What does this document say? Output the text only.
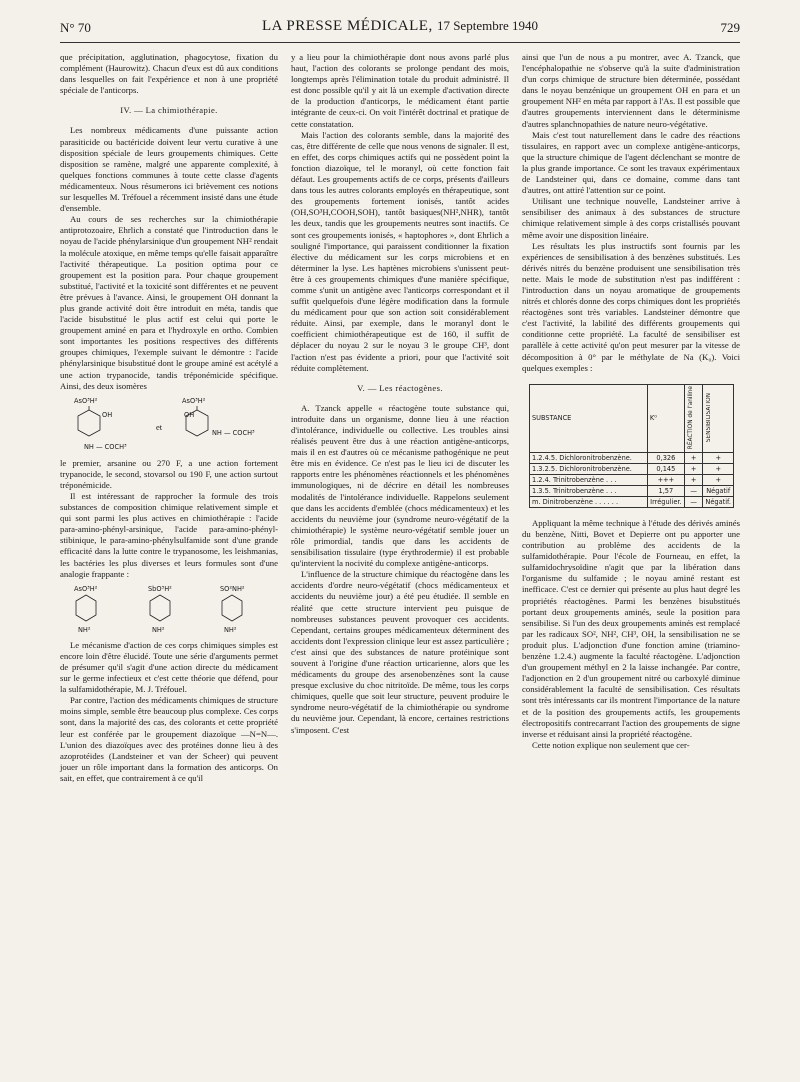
N° 70	LA PRESSE MÉDICALE, 17 Septembre 1940	729

que précipitation, agglutination, phagocytose, fixation du complément (Haurowitz). Chacun d'eux est dû aux conditions dans lesquelles on fait l'expérience et non à une propriété spéciale de l'anticorps.

IV. — La chimiothérapie.

Les nombreux médicaments d'une puissante action parasiticide ou bactéricide doivent leur vertu curative à une disposition spéciale de leurs groupements chimiques. Cette disposition se ramène, malgré une apparente complexité, à quelques fonctions communes à toute cette classe d'agents médicamenteux. Nous résumerons ici brièvement ces notions sur lesquelles M. Tréfouel a récemment insisté dans une étude d'ensemble.

Au cours de ses recherches sur la chimiothérapie antiprotozoaire, Ehrlich a constaté que l'introduction dans le noyau de l'acide phénylarsinique d'un groupement NH² rendait la molécule atoxique, en même temps qu'elle faisait apparaître l'activité thérapeutique. La position optima pour ce groupement est la position para. Pour chaque groupement substitué, l'activité et la toxicité sont différentes et ne peuvent être prévues à l'avance. Ainsi, le groupement OH donnant la plus grande activité doit être introduit en méta, tandis que l'acide bisubstitué le plus actif est celui qui porte le groupement aminé en para et l'hydroxyle en ortho. Combien sont importantes les positions respectives des différents groupes chimiques, l'exemple suivant le démontre : l'acide phénylarsinique bisubstitué dont le groupe aminé est acétylé a une action trypanocide, tandis tréponémicide spécifique. Ainsi, des deux isomères

AsO³H²
OH
NH — COCH³
et
AsO³H²
OH
NH — COCH³

le premier, arsanine ou 270 F, a une action fortement trypanocide, le second, stovarsol ou 190 F, une action surtout tréponémicide.

Il est intéressant de rapprocher la formule des trois substances de composition chimique relativement simple et qui sont parmi les plus actives en chimiothérapie : l'acide para-amino-phényl-arsinique, l'acide para-amino-phényl-stibinique, le para-amino-phénylsulfamide sont d'une grande efficacité dans la lutte contre le trypanosome, les leishmanias, les bactéries les plus diverses et leurs formules sont d'une analogie frappante :

AsO³H²
NH²
SbO³H²
NH²
SO²NH²
NH²

Le mécanisme d'action de ces corps chimiques simples est encore loin d'être élucidé. Toute une série d'arguments permet de présumer qu'il s'agit d'une action directe du médicament sur le germe infectieux et c'est cette théorie que défend, pour la sulfamidothérapie, M. J. Tréfouel.

Par contre, l'action des médicaments chimiques de structure moins simple, semble être beaucoup plus complexe. Ces corps sont, dans la majorité des cas, des colorants et cette propriété leur est conférée par le groupement diazoïque —N=N—. L'union des diazoïques avec des protéines donne lieu à des azoprotéides (Landsteiner et van der Scheer) qui peuvent jouer un rôle important dans la formation des anticorps. On sait, en effet, que contrairement à ce qu'il

y a lieu pour la chimiothérapie dont nous avons parlé plus haut, l'action des colorants se prolonge pendant des mois, longtemps après l'élimination totale du produit administré. Il est donc possible qu'il y ait là un exemple d'activation directe de la production d'anticorps, le médicament étant partie intégrante de ceux-ci. On voit l'intérêt doctrinal et pratique de cette constatation.

Mais l'action des colorants semble, dans la majorité des cas, être différente de celle que nous venons de signaler. Il est, en effet, des corps chimiques actifs qui ne possèdent point la fonction diazoïque, tel le moranyl, où cette fonction fait défaut. Les groupements actifs de ce corps, présents d'ailleurs dans tous les autres colorants employés en thérapeutique, sont des groupements fortement ionisés, tantôt acides (OH,SO³H,COOH,SOH), tantôt basiques(NH²,NHR), tantôt les deux, tandis que les groupements neutres sont inactifs. Ce sont ces groupements ionisés, « haptophores », dont Ehrlich a souligné l'importance, qui paraissent conditionner la fixation élective du médicament sur les corps microbiens et en déterminer la lyse. Les haptènes microbiens s'unissent peut-être à ces groupements chimiques d'une manière spécifique, comme s'unit un antigène avec l'anticorps correspondant et il suffit quelquefois d'une légère modification dans la formule du médicament pour que son action soit considérablement réduite. Ainsi, par exemple, dans le moranyl dont le coefficient chimiothérapeutique est de 160, il suffit de déplacer du noyau 2 sur le noyau 3 le groupe CH³, dont l'action n'est pas évidente a priori, pour que l'activité soit réduite complètement.

V. — Les réactogènes.

A. Tzanck appelle « réactogène toute substance qui, introduite dans un organisme, donne lieu à une réaction d'intolérance, individuelle ou collective. Les troubles ainsi réalisés peuvent être dus à une réaction antigène-anticorps, mais il en est d'autres où ce mécanisme pathogénique ne peut être mis en évidence. Ce n'est pas le lieu ici de discuter les rapports entre les phénomènes réactionnels et les phénomènes immunologiques, ni de décrire en détail les nombreuses modalités de l'intolérance individuelle. Rappelons seulement que dans les accidents d'emblée (chocs médicamenteux) et les accidents du neuvième jour (syndrome neuro-végétatif de la chimiothérapie) le système neuro-végétatif semble jouer un rôle primordial, tandis que dans les accidents de sensibilisation tissulaire (type érythrodermie) il est probable qu'intervient la nocivité du complexe antigène-anticorps.

L'influence de la structure chimique du réactogène dans les accidents d'ordre neuro-végétatif (chocs médicamenteux et accidents du neuvième jour) a été peu étudiée. Il semble en réalité que cette structure intervient peu puisque de nombreuses substances peuvent provoquer ces accidents. Cependant, certains groupes médicamenteux déterminent des accidents dont l'expression clinique leur est assez particulière ; c'est ainsi que des substances de nature protéinique sont souvent à l'origine d'une réaction urticarienne, alors que les médicaments du groupe des arsenobenzènes sont la cause presque exclusive du choc nitritoïde. De même, tous les corps chimiques, quelle que soit leur structure, peuvent produire le syndrome neuro-végétatif de la chimiothérapie ou syndrome du neuvième jour. Cependant, là encore, certaines restrictions s'imposent. C'est

ainsi que l'un de nous a pu montrer, avec A. Tzanck, que l'encéphalopathie ne s'observe qu'à la suite d'administration d'un corps chimique de structure bien déterminée, possédant dans le noyau benzénique un groupement OH en para et un groupement NH² en méta par rapport à l'As. Il est possible que d'autres groupements interviennent dans le déterminisme d'autres splanchnopathies de nature neuro-végétative.

Mais c'est tout naturellement dans le cadre des réactions tissulaires, en rapport avec un complexe antigène-anticorps, que la structure chimique de l'agent déclenchant se montre de la plus grande importance. Ce sont les travaux expérimentaux de Landsteiner qui, dans ce domaine, comme dans tant d'autres, ont attiré l'attention sur ce point.

Utilisant une technique nouvelle, Landsteiner arrive à sensibiliser des animaux à des substances de structure chimique relativement simple à des corps cristallisés pouvant même avoir une disposition linéaire.

Les résultats les plus instructifs sont fournis par les expériences de sensibilisation à des benzènes substitués. Les dérivés nitrés du benzène produisent une sensibilisation très nette. Mais le mode de substitution n'est pas indifférent : l'introduction dans un noyau aromatique de groupements nitrés et chlorés donne des corps chimiques dont les propriétés réactogènes sont très variables. Landsteiner démontre que c'est l'activité, la labilité des différents groupements qui conditionne cette propriété. La faculté de sensibiliser est parallèle à cette activité qu'on peut mesurer par la vitesse de décomposition à 0° par le méthylate de Na (K₀). Voici quelques exemples :

SUBSTANCE	K⁰	RÉACTION de l'aniline	SENSIBILISATION
1.2.4.5. Dichloronitrobenzène.	0,326	+	+
1.3.2.5. Dichloronitrobenzène.	0,145	+	+
1.2.4. Trinitrobenzène . . .	+++	+	+
1.3.5. Trinitrobenzène . . .	1,57	—	Négatif
m. Dinitrobenzène . . . . . .	Irrégulier.	—	Négatif.

Appliquant la même technique à l'étude des dérivés aminés du benzène, Nitti, Bovet et Depierre ont pu apporter une contribution au problème des accidents de la sulfamidothérapie. Pour l'école de Fourneau, en effet, la sulfamidochrysoïdine n'agit que par la libération dans l'organisme du sulfamide ; le noyau aminé restant est inefficace. C'est ce dernier qui présente au plus haut degré les propriétés réactogènes. Parmi les benzènes bisubstitués portant deux groupements aminés, seule la position para sensibilise. Si l'un des deux groupements aminés est remplacé par les radicaux SO², NH², CH³, OH, la sensibilisation ne se produit plus. L'adjonction d'une fonction amine (triamino-benzène 1.2.4.) augmente la faculté réactogène. L'adjonction d'un groupement méthyl en 2 la laisse inchangée. Par contre, l'adjonction en 2 d'un groupement nitré ou carboxylé diminue considérablement la faculté de sensibilisation. Ces résultats sont très intéressants car ils montrent l'importance de la nature et de la position des groupements actifs, les groupements électropositifs contrecarrant l'action des groupements de signe inverse et réduisant ainsi la propriété réactogène.

Cette notion explique non seulement que cer-
